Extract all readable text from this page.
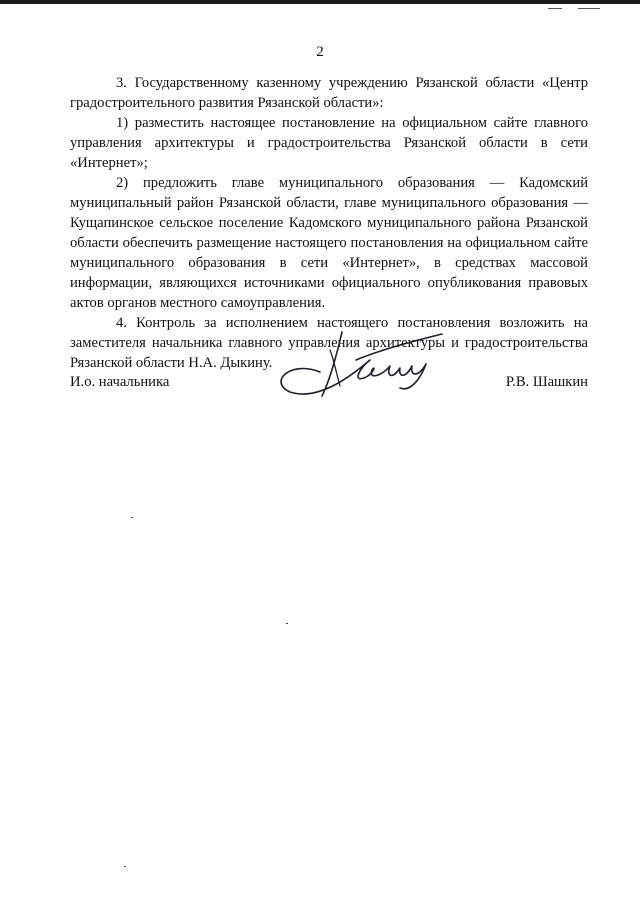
2

3. Государственному казенному учреждению Рязанской области «Центр градостроительного развития Рязанской области»:

1) разместить настоящее постановление на официальном сайте главного управления архитектуры и градостроительства Рязанской области в сети «Интернет»;

2) предложить главе муниципального образования — Кадомский муниципальный район Рязанской области, главе муниципального образования — Кущапинское сельское поселение Кадомского муниципального района Рязанской области обеспечить размещение настоящего постановления на официальном сайте муниципального образования в сети «Интернет», в средствах массовой информации, являющихся источниками официального опубликования правовых актов органов местного самоуправления.

4. Контроль за исполнением настоящего постановления возложить на заместителя начальника главного управления архитектуры и градостроительства Рязанской области Н.А. Дыкину.

И.о. начальника	Р.В. Шашкин
